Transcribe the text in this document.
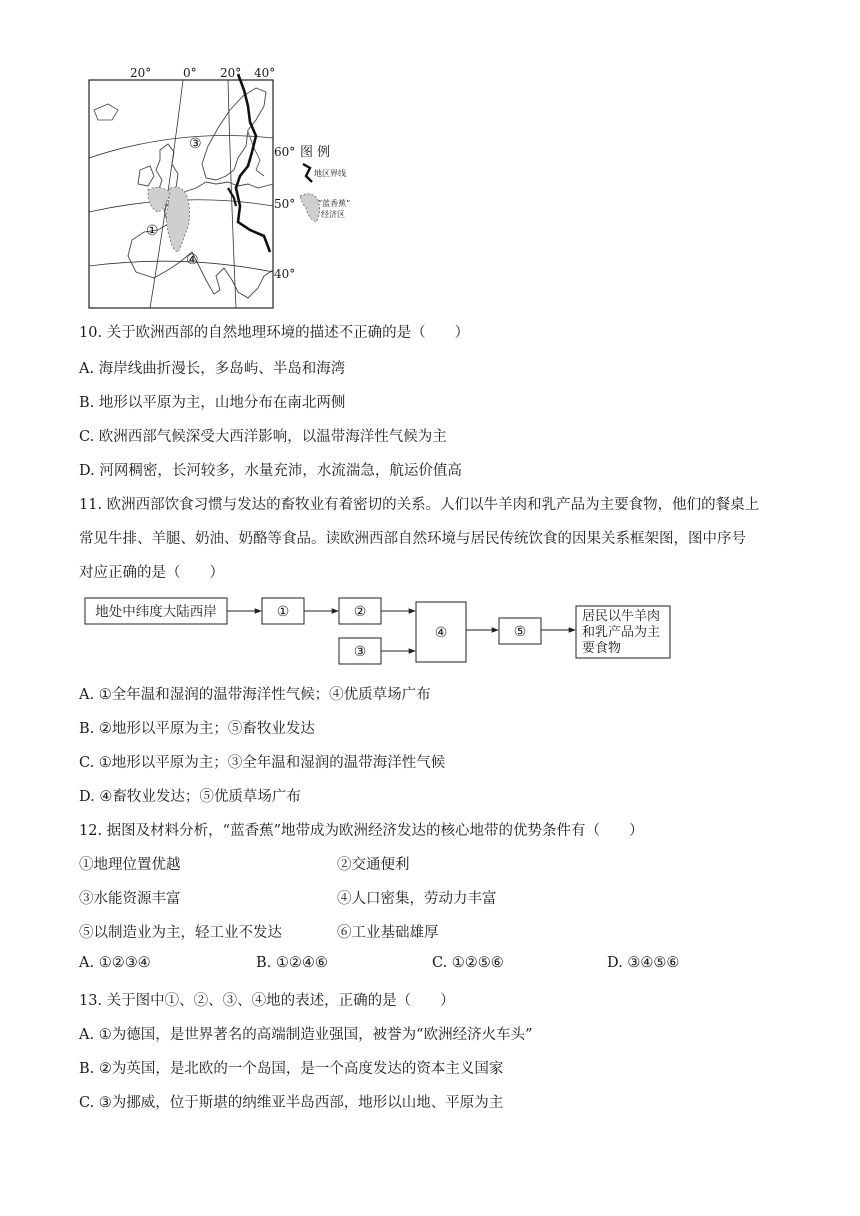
20°	0° 20° 40°
60°
50°
40°
①
④
③
图 例
地区界线
“蓝香蕉”
经济区
10. 关于欧洲西部的自然地理环境的描述不正确的是（　　）
A. 海岸线曲折漫长，多岛屿、半岛和海湾
B. 地形以平原为主，山地分布在南北两侧
C. 欧洲西部气候深受大西洋影响，以温带海洋性气候为主
D. 河网稠密，长河较多，水量充沛，水流湍急，航运价值高
11. 欧洲西部饮食习惯与发达的畜牧业有着密切的关系。人们以牛羊肉和乳产品为主要食物，他们的餐桌上
常见牛排、羊腿、奶油、奶酪等食品。读欧洲西部自然环境与居民传统饮食的因果关系框架图，图中序号
对应正确的是（　　）
地处中纬度大陆西岸	①	②
③
④	⑤
居民以牛羊肉
和乳产品为主
要食物
A. ①全年温和湿润的温带海洋性气候；④优质草场广布
B. ②地形以平原为主；⑤畜牧业发达
C. ①地形以平原为主；③全年温和湿润的温带海洋性气候
D. ④畜牧业发达；⑤优质草场广布
12. 据图及材料分析，“蓝香蕉”地带成为欧洲经济发达的核心地带的优势条件有（　　）
①地理位置优越	②交通便利
③水能资源丰富	④人口密集，劳动力丰富
⑤以制造业为主，轻工业不发达	⑥工业基础雄厚
A. ①②③④	B. ①②④⑥	C. ①②⑤⑥	D. ③④⑤⑥
13. 关于图中①、②、③、④地的表述，正确的是（　　）
A. ①为德国，是世界著名的高端制造业强国，被誉为“欧洲经济火车头”
B. ②为英国，是北欧的一个岛国，是一个高度发达的资本主义国家
C. ③为挪威，位于斯堪的纳维亚半岛西部，地形以山地、平原为主
